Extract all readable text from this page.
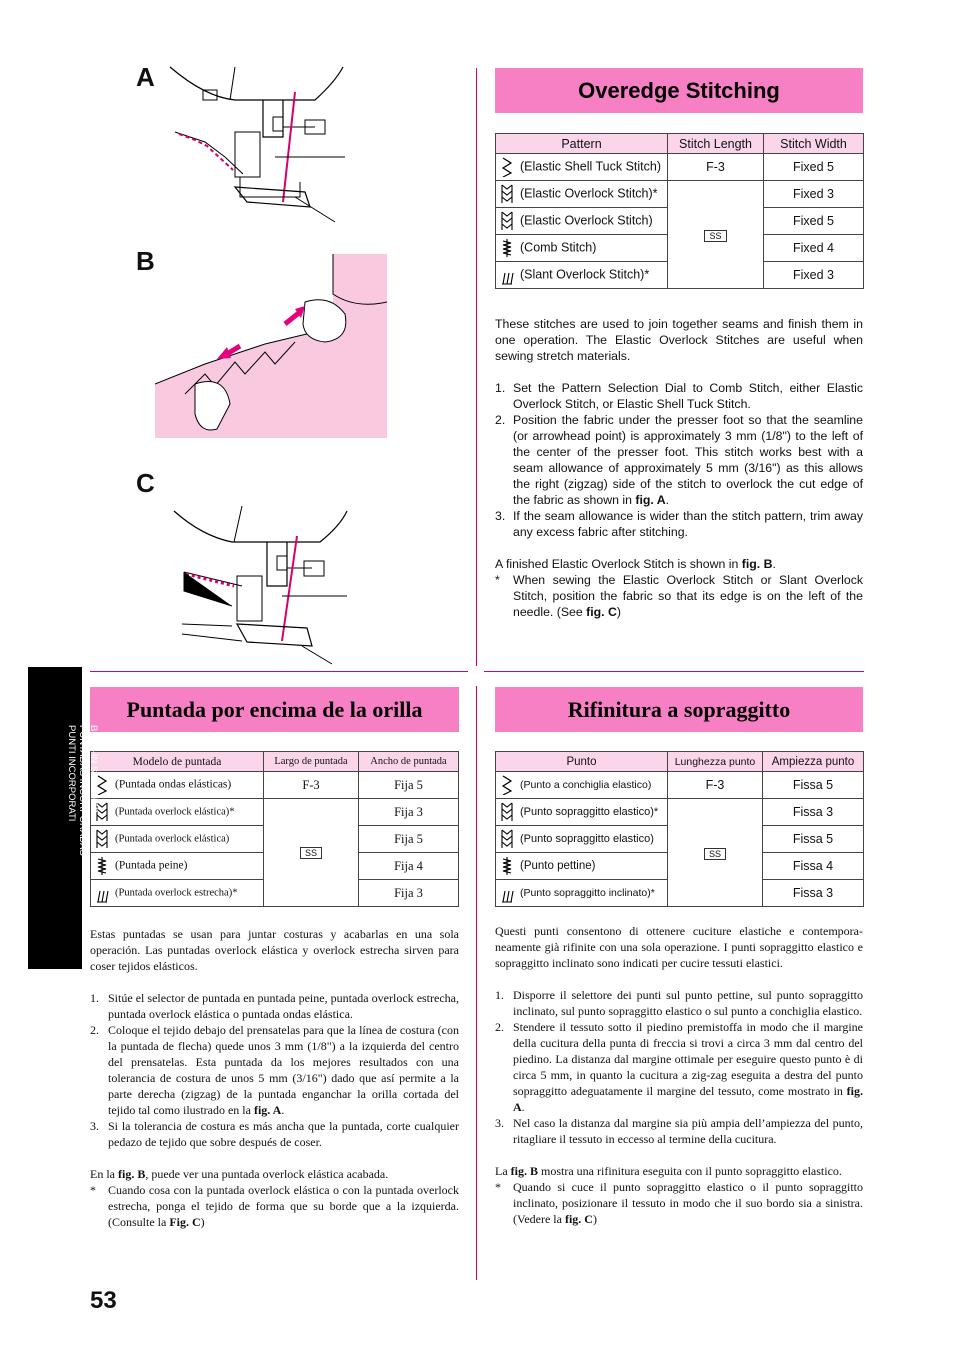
A
B
C
Overedge Stitching
Pattern	Stitch Length	Stitch Width

(Elastic Shell Tuck Stitch)	F-3	Fixed 5

(Elastic Overlock Stitch)*	SS	Fixed 3

(Elastic Overlock Stitch)		Fixed 5

(Comb Stitch)		Fixed 4

(Slant Overlock Stitch)*		Fixed 3

These stitches are used to join together seams and finish them in one operation. The Elastic Overlock Stitches are useful when sewing stretch materials.

1. Set the Pattern Selection Dial to Comb Stitch, either Elastic Overlock Stitch, or Elastic Shell Tuck Stitch.
2. Position the fabric under the presser foot so that the seamline (or arrowhead point) is approximately 3 mm (1/8") to the left of the center of the presser foot. This stitch works best with a seam allowance of approximately 5 mm (3/16") as this allows the right (zigzag) side of the stitch to overlock the cut edge of the fabric as shown in fig. A.
3. If the seam allowance is wider than the stitch pattern, trim away any excess fabric after stitching.

A finished Elastic Overlock Stitch is shown in fig. B.

*	When sewing the Elastic Overlock Stitch or Slant Overlock Stitch, position the fabric so that its edge is on the left of the needle. (See fig. C)
Puntada por encima de la orilla
Modelo de puntada	Largo de puntada	Ancho de puntada

(Puntada ondas elásticas)	F-3	Fija 5

(Puntada overlock elástica)*	SS	Fija 3

(Puntada overlock elástica)		Fija 5

(Puntada peine)		Fija 4

(Puntada overlock estrecha)*		Fija 3

Estas puntadas se usan para juntar costuras y acabarlas en una sola operación. Las puntadas overlock elástica y overlock estrecha sirven para coser tejidos elásticos.

1. Sitúe el selector de puntada en puntada peine, puntada overlock estrecha, puntada overlock elástica o puntada ondas elástica.
2. Coloque el tejido debajo del prensatelas para que la línea de costura (con la puntada de flecha) quede unos 3 mm (1/8") a la izquierda del centro del prensatelas. Esta puntada da los mejores resultados con una tolerancia de costura de unos 5 mm (3/16") dado que así permite a la parte derecha (zigzag) de la puntada enganchar la orilla cortada del tejido tal como ilustrado en la fig. A.
3. Si la tolerancia de costura es más ancha que la puntada, corte cualquier pedazo de tejido que sobre después de coser.

En la fig. B, puede ver una puntada overlock elástica acabada.

*	Cuando cosa con la puntada overlock elástica o con la puntada overlock estrecha, ponga el tejido de forma que su borde que a la izquierda. (Consulte la Fig. C)
Rifinitura a sopraggitto
Punto	Lunghezza punto	Ampiezza punto

(Punto a conchiglia elastico)	F-3	Fissa 5

(Punto sopraggitto elastico)*	SS	Fissa 3

(Punto sopraggitto elastico)		Fissa 5

(Punto pettine)		Fissa 4

(Punto sopraggitto inclinato)*		Fissa 3

Questi punti consentono di ottenere cuciture elastiche e contempora-neamente già rifinite con una sola operazione. I punti sopraggitto elastico e sopraggitto inclinato sono indicati per cucire tessuti elastici.

1. Disporre il selettore dei punti sul punto pettine, sul punto sopraggitto inclinato, sul punto sopraggitto elastico o sul punto a conchiglia elastico.
2. Stendere il tessuto sotto il piedino premistoffa in modo che il margine della cucitura della punta di freccia si trovi a circa 3 mm dal centro del piedino. La distanza dal margine ottimale per eseguire questo punto è di circa 5 mm, in quanto la cucitura a zig-zag eseguita a destra del punto sopraggitto adeguatamente il margine del tessuto, come mostrato in fig. A.
3. Nel caso la distanza dal margine sia più ampia dell’ampiezza del punto, ritagliare il tessuto in eccesso al termine della cucitura.

La fig. B mostra una rifinitura eseguita con il punto sopraggitto elastico.

*	Quando si cuce il punto sopraggitto elastico o il punto sopraggitto inclinato, posizionare il tessuto in modo che il suo bordo sia a sinistra. (Vedere la fig. C)
BUILT-IN STITCHES
PUNTADAS INCORPORADAS
PUNTI INCORPORATI
53
